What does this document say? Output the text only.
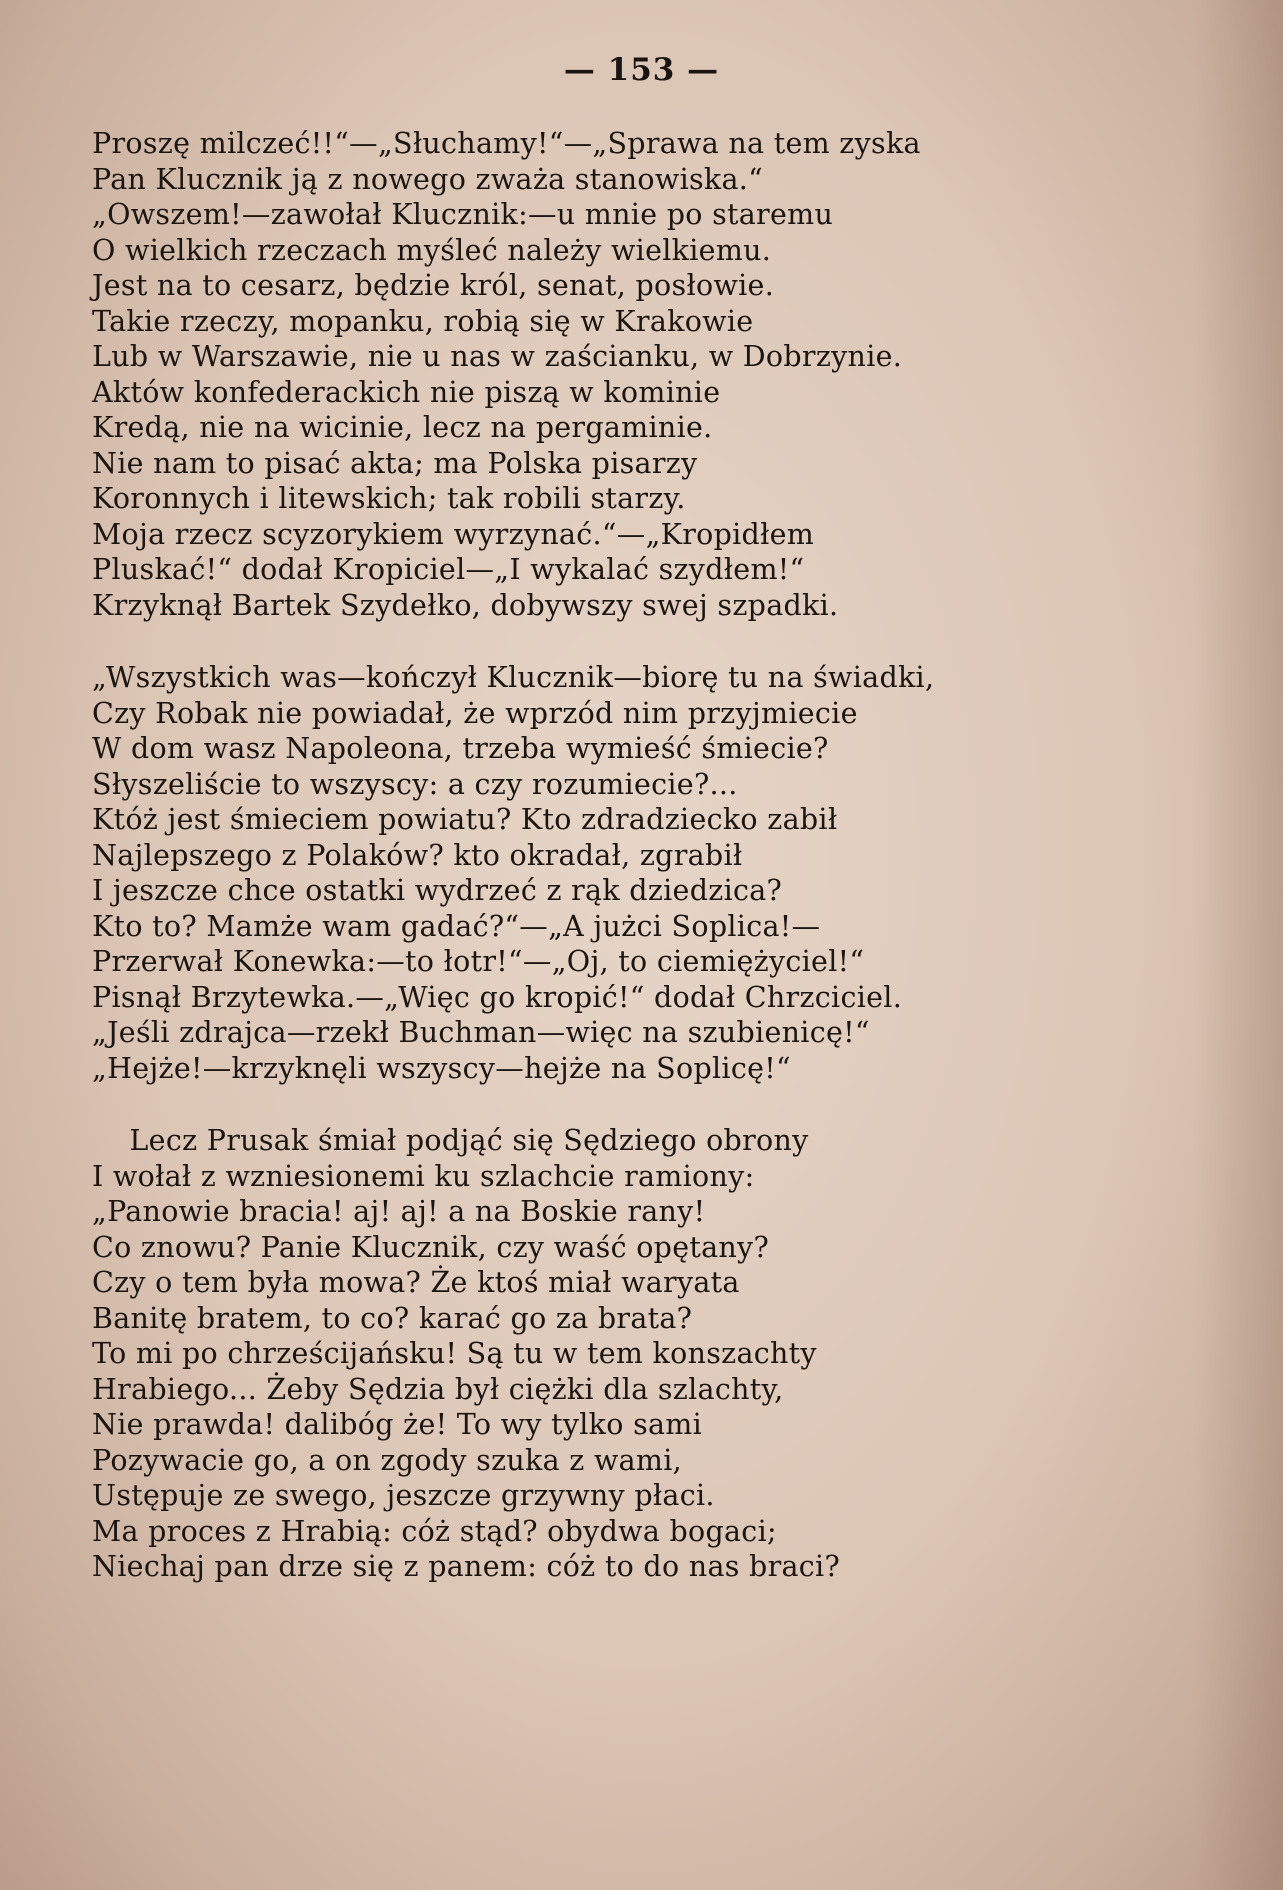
— 153 —
Proszę milczeć!!“—„Słuchamy!“—„Sprawa na tem zyska
Pan Klucznik ją z nowego zważa stanowiska.“
„Owszem!—zawołał Klucznik:—u mnie po staremu
O wielkich rzeczach myśleć należy wielkiemu.
Jest na to cesarz, będzie król, senat, posłowie.
Takie rzeczy, mopanku, robią się w Krakowie
Lub w Warszawie, nie u nas w zaścianku, w Dobrzynie.
Aktów konfederackich nie piszą w kominie
Kredą, nie na wicinie, lecz na pergaminie.
Nie nam to pisać akta; ma Polska pisarzy
Koronnych i litewskich; tak robili starzy.
Moja rzecz scyzorykiem wyrzynać.“—„Kropidłem
Pluskać!“ dodał Kropiciel—„I wykalać szydłem!“
Krzyknął Bartek Szydełko, dobywszy swej szpadki.
„Wszystkich was—kończył Klucznik—biorę tu na świadki,
Czy Robak nie powiadał, że wprzód nim przyjmiecie
W dom wasz Napoleona, trzeba wymieść śmiecie?
Słyszeliście to wszyscy: a czy rozumiecie?...
Któż jest śmieciem powiatu? Kto zdradziecko zabił
Najlepszego z Polaków? kto okradał, zgrabił
I jeszcze chce ostatki wydrzeć z rąk dziedzica?
Kto to? Mamże wam gadać?“—„A jużci Soplica!—
Przerwał Konewka:—to łotr!“—„Oj, to ciemiężyciel!“
Pisnął Brzytewka.—„Więc go kropić!“ dodał Chrzciciel.
„Jeśli zdrajca—rzekł Buchman—więc na szubienicę!“
„Hejże!—krzyknęli wszyscy—hejże na Soplicę!“
Lecz Prusak śmiał podjąć się Sędziego obrony
I wołał z wzniesionemi ku szlachcie ramiony:
„Panowie bracia! aj! aj! a na Boskie rany!
Co znowu? Panie Klucznik, czy waść opętany?
Czy o tem była mowa? Że ktoś miał waryata
Banitę bratem, to co? karać go za brata?
To mi po chrześcijańsku! Są tu w tem konszachty
Hrabiego... Żeby Sędzia był ciężki dla szlachty,
Nie prawda! dalibóg że! To wy tylko sami
Pozywacie go, a on zgody szuka z wami,
Ustępuje ze swego, jeszcze grzywny płaci.
Ma proces z Hrabią: cóż stąd? obydwa bogaci;
Niechaj pan drze się z panem: cóż to do nas braci?
